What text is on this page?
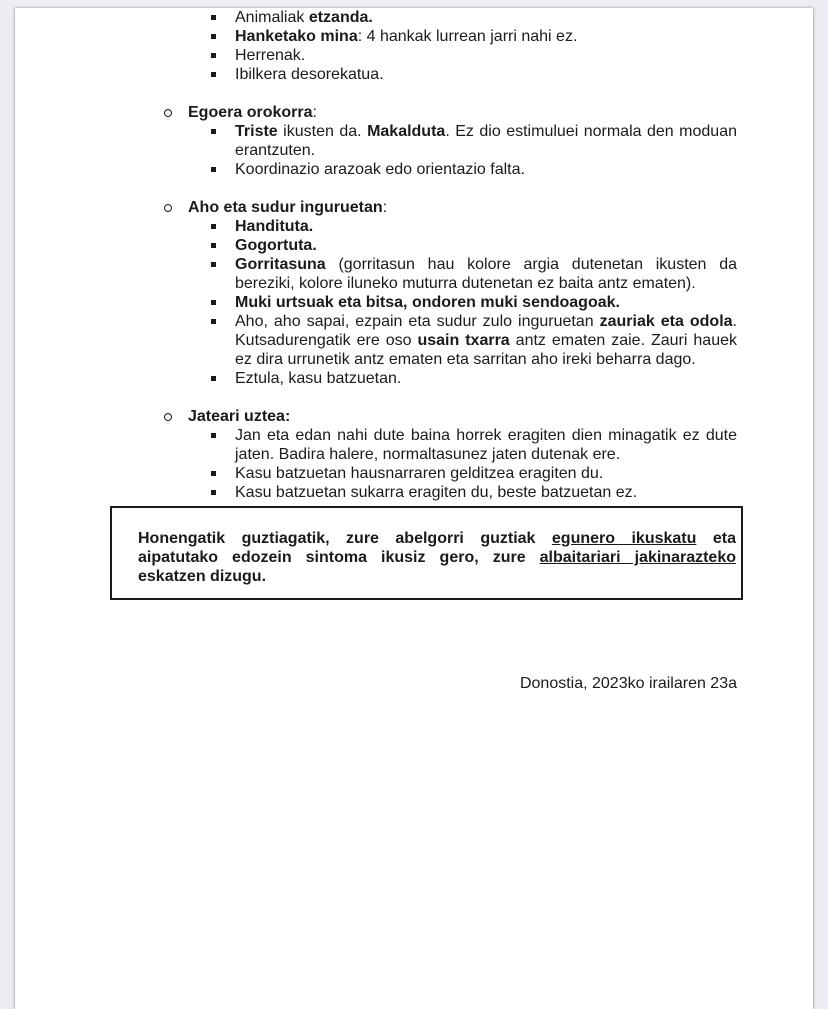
Animaliak etzanda.
Hanketako mina: 4 hankak lurrean jarri nahi ez.
Herrenak.
Ibilkera desorekatua.
Egoera orokorra:
Triste ikusten da. Makalduta. Ez dio estimuluei normala den moduan
erantzuten.
Koordinazio arazoak edo orientazio falta.
Aho eta sudur inguruetan:
Handituta.
Gogortuta.
Gorritasuna (gorritasun hau kolore argia dutenetan ikusten da
bereziki, kolore iluneko muturra dutenetan ez baita antz ematen).
Muki urtsuak eta bitsa, ondoren muki sendoagoak.
Aho, aho sapai, ezpain eta sudur zulo inguruetan zauriak eta odola.
Kutsadurengatik ere oso usain txarra antz ematen zaie. Zauri hauek
ez dira urrunetik antz ematen eta sarritan aho ireki beharra dago.
Eztula, kasu batzuetan.
Jateari uztea:
Jan eta edan nahi dute baina horrek eragiten dien minagatik ez dute
jaten. Badira halere, normaltasunez jaten dutenak ere.
Kasu batzuetan hausnarraren gelditzea eragiten du.
Kasu batzuetan sukarra eragiten du, beste batzuetan ez.
Honengatik guztiagatik, zure abelgorri guztiak egunero ikuskatu eta
aipatutako edozein sintoma ikusiz gero, zure albaitariari jakinarazteko
eskatzen dizugu.
Donostia, 2023ko irailaren 23a
